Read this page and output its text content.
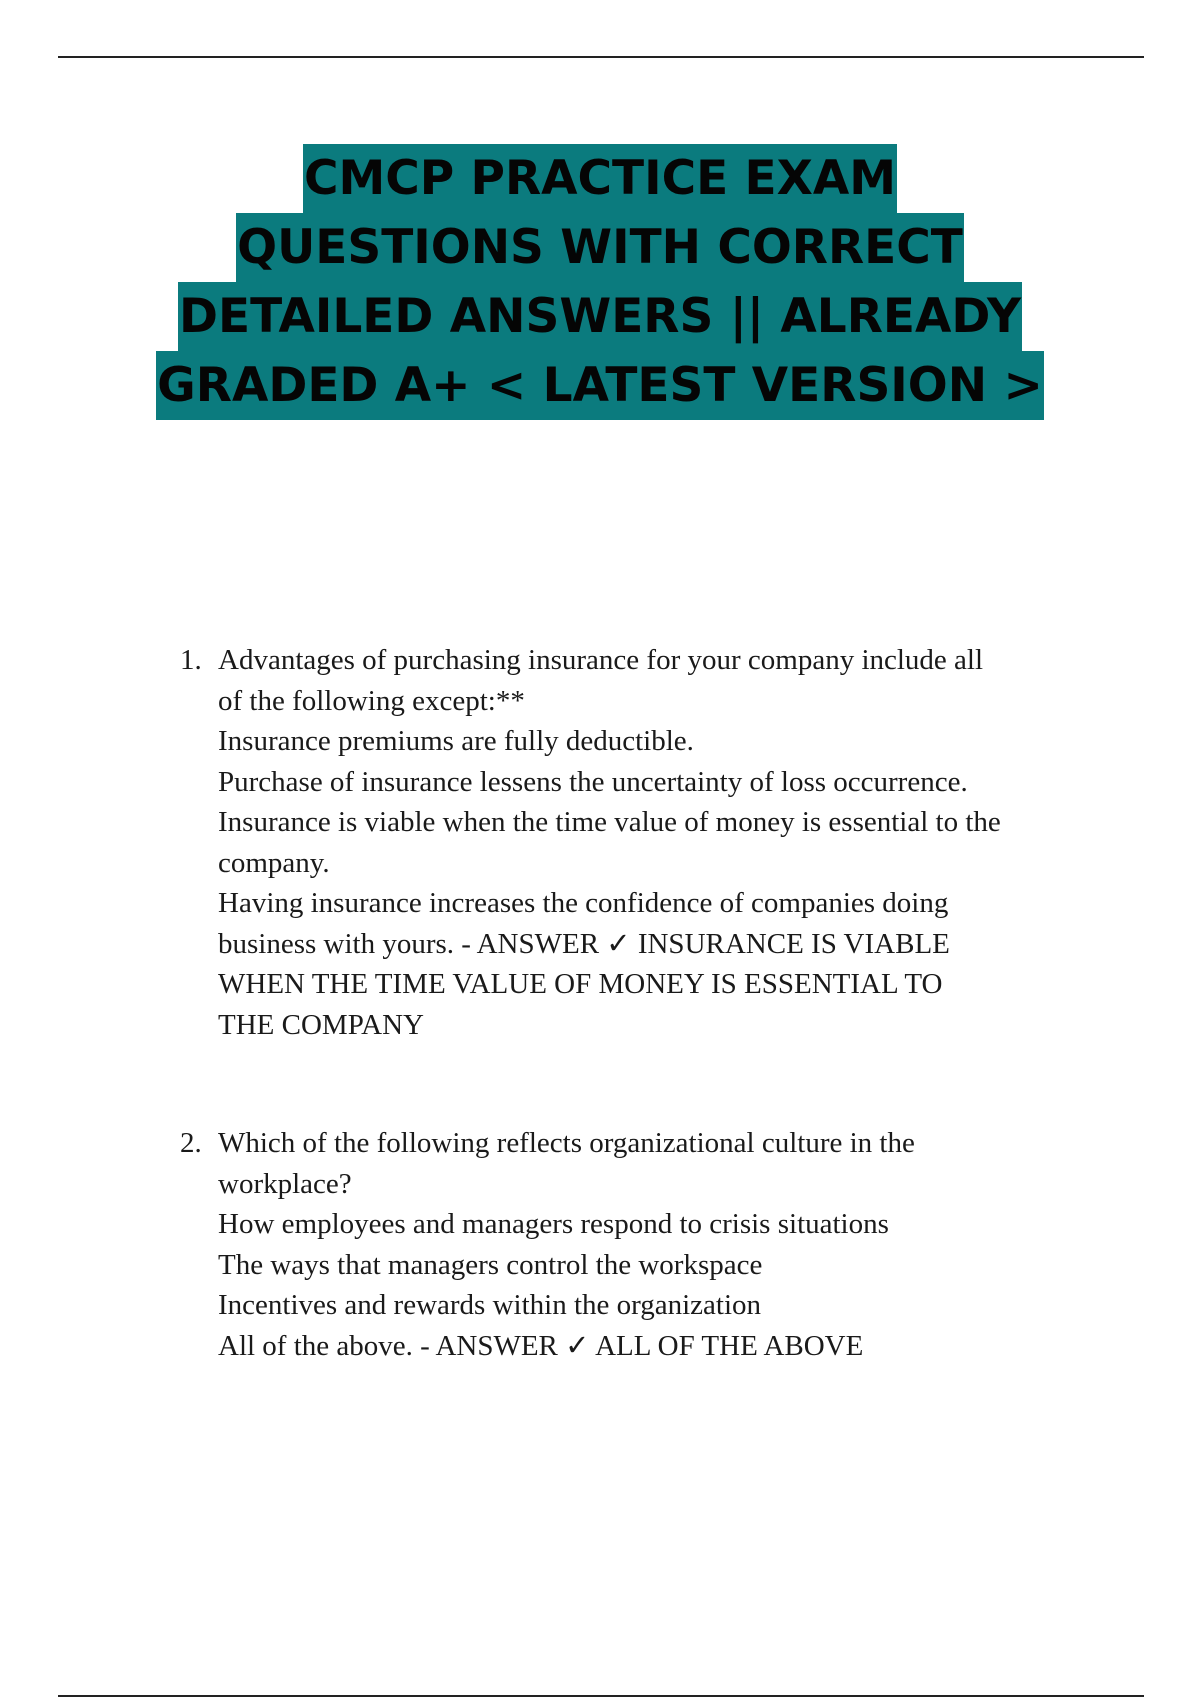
CMCP PRACTICE EXAM
QUESTIONS WITH CORRECT
DETAILED ANSWERS || ALREADY
GRADED A+ < LATEST VERSION >
1. Advantages of purchasing insurance for your company include all
of the following except:**
Insurance premiums are fully deductible.
Purchase of insurance lessens the uncertainty of loss occurrence.
Insurance is viable when the time value of money is essential to the
company.
Having insurance increases the confidence of companies doing
business with yours. - ANSWER ✓ INSURANCE IS VIABLE
WHEN THE TIME VALUE OF MONEY IS ESSENTIAL TO
THE COMPANY
2. Which of the following reflects organizational culture in the
workplace?
How employees and managers respond to crisis situations
The ways that managers control the workspace
Incentives and rewards within the organization
All of the above. - ANSWER ✓ ALL OF THE ABOVE
